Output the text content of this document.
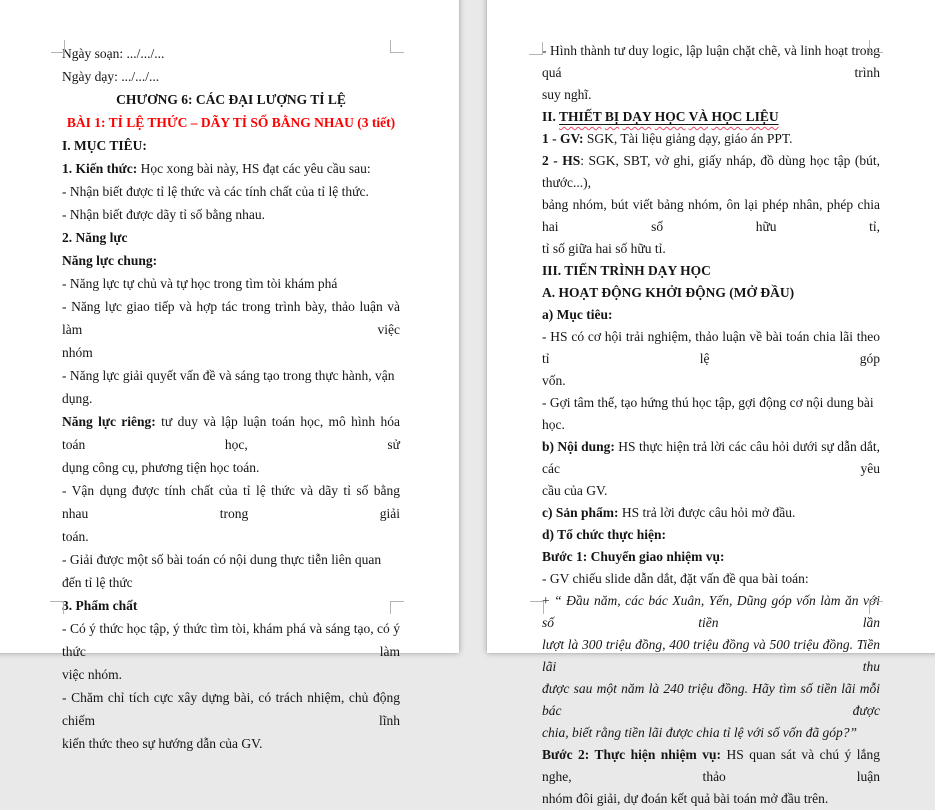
Ngày soạn: .../.../...

Ngày dạy: .../.../...

CHƯƠNG 6: CÁC ĐẠI LƯỢNG TỈ LỆ

BÀI 1: TỈ LỆ THỨC – DÃY TỈ SỐ BẰNG NHAU (3 tiết)

I. MỤC TIÊU:

1. Kiến thức: Học xong bài này, HS đạt các yêu cầu sau:

- Nhận biết được tỉ lệ thức và các tính chất của tỉ lệ thức.

- Nhận biết được dãy tỉ số bằng nhau.

2. Năng lực

Năng lực chung:

- Năng lực tự chủ và tự học trong tìm tòi khám phá

- Năng lực giao tiếp và hợp tác trong trình bày, thảo luận và làm việc

nhóm

- Năng lực giải quyết vấn đề và sáng tạo trong thực hành, vận dụng.

Năng lực riêng: tư duy và lập luận toán học, mô hình hóa toán học, sử

dụng công cụ, phương tiện học toán.

- Vận dụng được tính chất của tỉ lệ thức và dãy tỉ số bằng nhau trong giải

toán.

- Giải được một số bài toán có nội dung thực tiễn liên quan đến tỉ lệ thức

3. Phẩm chất

- Có ý thức học tập, ý thức tìm tòi, khám phá và sáng tạo, có ý thức làm

việc nhóm.

- Chăm chỉ tích cực xây dựng bài, có trách nhiệm, chủ động chiếm lĩnh

kiến thức theo sự hướng dẫn của GV.

- Hình thành tư duy logic, lập luận chặt chẽ, và linh hoạt trong quá trình

suy nghĩ.

II. THIẾT BỊ DẠY HỌC VÀ HỌC LIỆU

1 - GV: SGK, Tài liệu giảng dạy, giáo án PPT.

2 - HS: SGK, SBT, vở ghi, giấy nháp, đồ dùng học tập (bút, thước...),

bảng nhóm, bút viết bảng nhóm, ôn lại phép nhân, phép chia hai số hữu tỉ,

tỉ số giữa hai số hữu tỉ.

III. TIẾN TRÌNH DẠY HỌC

A. HOẠT ĐỘNG KHỞI ĐỘNG (MỞ ĐẦU)

a) Mục tiêu:

- HS có cơ hội trải nghiệm, thảo luận về bài toán chia lãi theo tỉ lệ góp

vốn.

- Gợi tâm thế, tạo hứng thú học tập, gợi động cơ nội dung bài học.

b) Nội dung: HS thực hiện trả lời các câu hỏi dưới sự dẫn dắt, các yêu

cầu của GV.

c) Sản phẩm: HS trả lời được câu hỏi mở đầu.

d) Tổ chức thực hiện:

Bước 1: Chuyển giao nhiệm vụ:

- GV chiếu slide dẫn dắt, đặt vấn đề qua bài toán:

+ “ Đầu năm, các bác Xuân, Yến, Dũng góp vốn làm ăn với số tiền lần

lượt là 300 triệu đồng, 400 triệu đồng và 500 triệu đồng. Tiền lãi thu

được sau một năm là 240 triệu đồng. Hãy tìm số tiền lãi mỗi bác được

chia, biết rằng tiền lãi được chia tỉ lệ với số vốn đã góp?”

Bước 2: Thực hiện nhiệm vụ: HS quan sát và chú ý lắng nghe, thảo luận

nhóm đôi giải, dự đoán kết quả bài toán mở đầu trên.
